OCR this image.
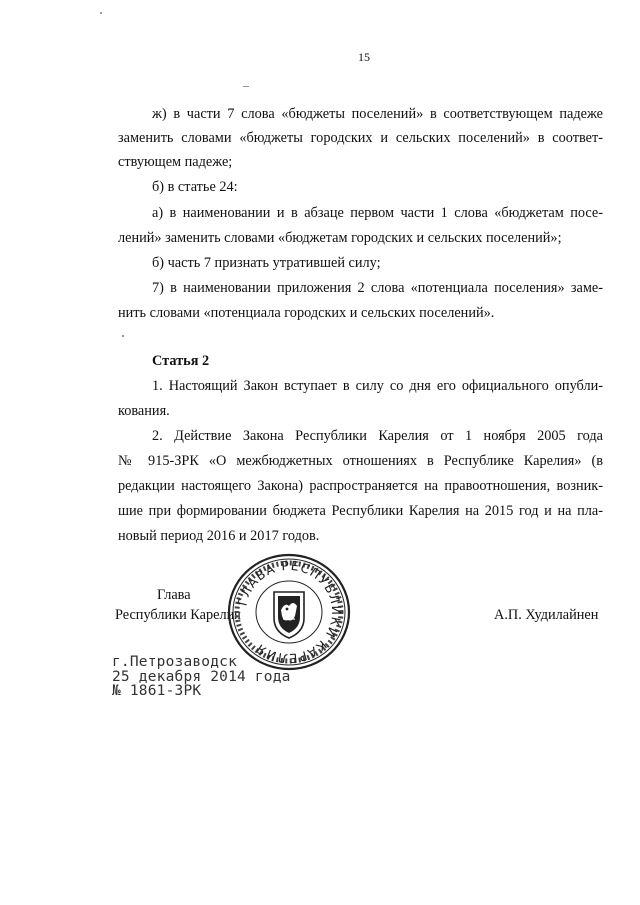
15
ж) в части 7 слова «бюджеты поселений» в соответствующем падеже
заменить словами «бюджеты городских и сельских поселений» в соответ-
ствующем падеже;
б) в статье 24:
а) в наименовании и в абзаце первом части 1 слова «бюджетам посе-
лений» заменить словами «бюджетам городских и сельских поселений»;
б) часть 7 признать утратившей силу;
7) в наименовании приложения 2 слова «потенциала поселения» заме-
нить словами «потенциала городских и сельских поселений».
Статья 2
1. Настоящий Закон вступает в силу со дня его официального опубли-
кования.
2. Действие Закона Республики Карелия от 1 ноября 2005 года
№ 915-ЗРК «О межбюджетных отношениях в Республике Карелия» (в
редакции настоящего Закона) распространяется на правоотношения, возник-
шие при формировании бюджета Республики Карелия на 2015 год и на пла-
новый период 2016 и 2017 годов.
Глава
Республики Карелия	А.П. Худилайнен
ГЛАВА РЕСПУБЛИКИ КАРЕЛИЯ
г.Петрозаводск
25 декабря 2014 года
№ 1861-ЗРК
